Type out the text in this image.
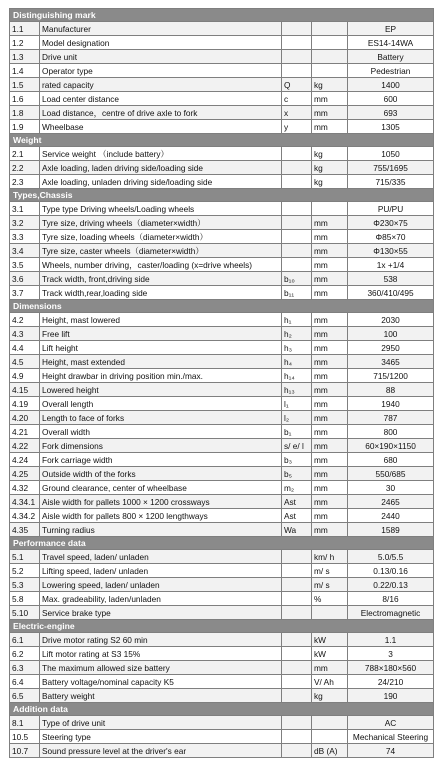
Distinguishing mark				
1.1	Manufacturer			EP
1.2	Model designation			ES14-14WA
1.3	Drive unit			Battery
1.4	Operator type			Pedestrian
1.5	rated capacity	Q	kg	1400
1.6	Load center distance	c	mm	600
1.8	Load distance，centre of drive axle to fork	x	mm	693
1.9	Wheelbase	y	mm	1305
Weight				
2.1	Service weight （include battery）		kg	1050
2.2	Axle loading, laden driving side/loading side		kg	755/1695
2.3	Axle loading, unladen driving side/loading side		kg	715/335
Types,Chassis				
3.1	Type type Driving wheels/Loading wheels			PU/PU
3.2	Tyre size, driving wheels（diameter×width）		mm	Φ230×75
3.3	Tyre size, loading wheels（diameter×width）		mm	Φ85×70
3.4	Tyre size, caster wheels（diameter×width）		mm	Φ130×55
3.5	Wheels, number driving，caster/loading (x=drive wheels)		mm	1x +1/4
3.6	Track width, front,driving side	b₁₀	mm	538
3.7	Track width,rear,loading side	b₁₁	mm	360/410/495
Dimensions				
4.2	Height, mast lowered	h₁	mm	2030
4.3	Free lift	h₂	mm	100
4.4	Lift height	h₃	mm	2950
4.5	Height, mast extended	h₄	mm	3465
4.9	Height drawbar in driving position min./max.	h₁₄	mm	715/1200
4.15	Lowered height	h₁₃	mm	88
4.19	Overall length	l₁	mm	1940
4.20	Length to face of forks	l₂	mm	787
4.21	Overall width	b₁	mm	800
4.22	Fork dimensions	s/ e/ l	mm	60×190×1150
4.24	Fork carriage width	b₃	mm	680
4.25	Outside width of the forks	b₅	mm	550/685
4.32	Ground clearance, center of wheelbase	m₂	mm	30
4.34.1	Aisle width for pallets 1000 × 1200 crossways	Ast	mm	2465
4.34.2	Aisle width for pallets 800 × 1200 lengthways	Ast	mm	2440
4.35	Turning radius	Wa	mm	1589
Performance data				
5.1	Travel speed, laden/ unladen		km/ h	5.0/5.5
5.2	Lifting speed, laden/ unladen		m/ s	0.13/0.16
5.3	Lowering speed, laden/ unladen		m/ s	0.22/0.13
5.8	Max. gradeability, laden/unladen		%	8/16
5.10	Service brake type			Electromagnetic
Electric-engine				
6.1	Drive motor rating S2 60 min		kW	1.1
6.2	Lift motor rating at S3 15%		kW	3
6.3	The maximum allowed size battery		mm	788×180×560
6.4	Battery voltage/nominal capacity K5		V/ Ah	24/210
6.5	Battery weight		kg	190
Addition data				
8.1	Type of drive unit			AC
10.5	Steering type			Mechanical Steering
10.7	Sound pressure level at the driver's ear		dB (A)	74
